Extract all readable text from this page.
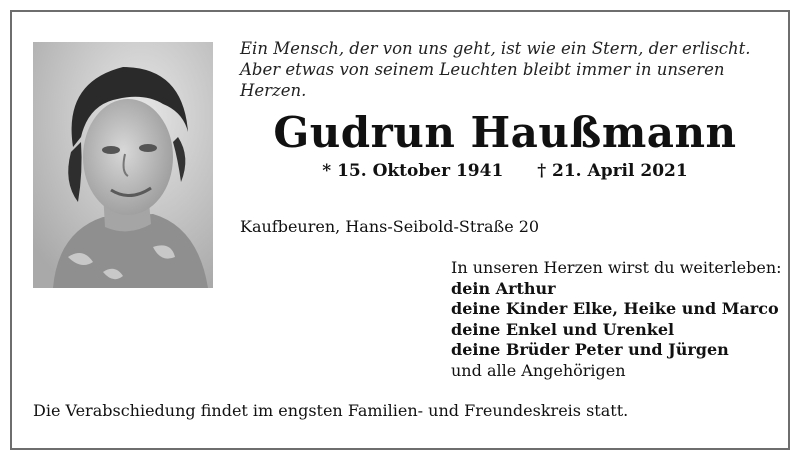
Ein Mensch, der von uns geht, ist wie ein Stern, der erlischt.
Aber etwas von seinem Leuchten bleibt immer in unseren Herzen.
Gudrun Haußmann
* 15. Oktober 1941 † 21. April 2021
Kaufbeuren, Hans-Seibold-Straße 20
In unseren Herzen wirst du weiterleben:
dein Arthur
deine Kinder Elke, Heike und Marco
deine Enkel und Urenkel
deine Brüder Peter und Jürgen
und alle Angehörigen
Die Verabschiedung findet im engsten Familien- und Freundeskreis statt.
